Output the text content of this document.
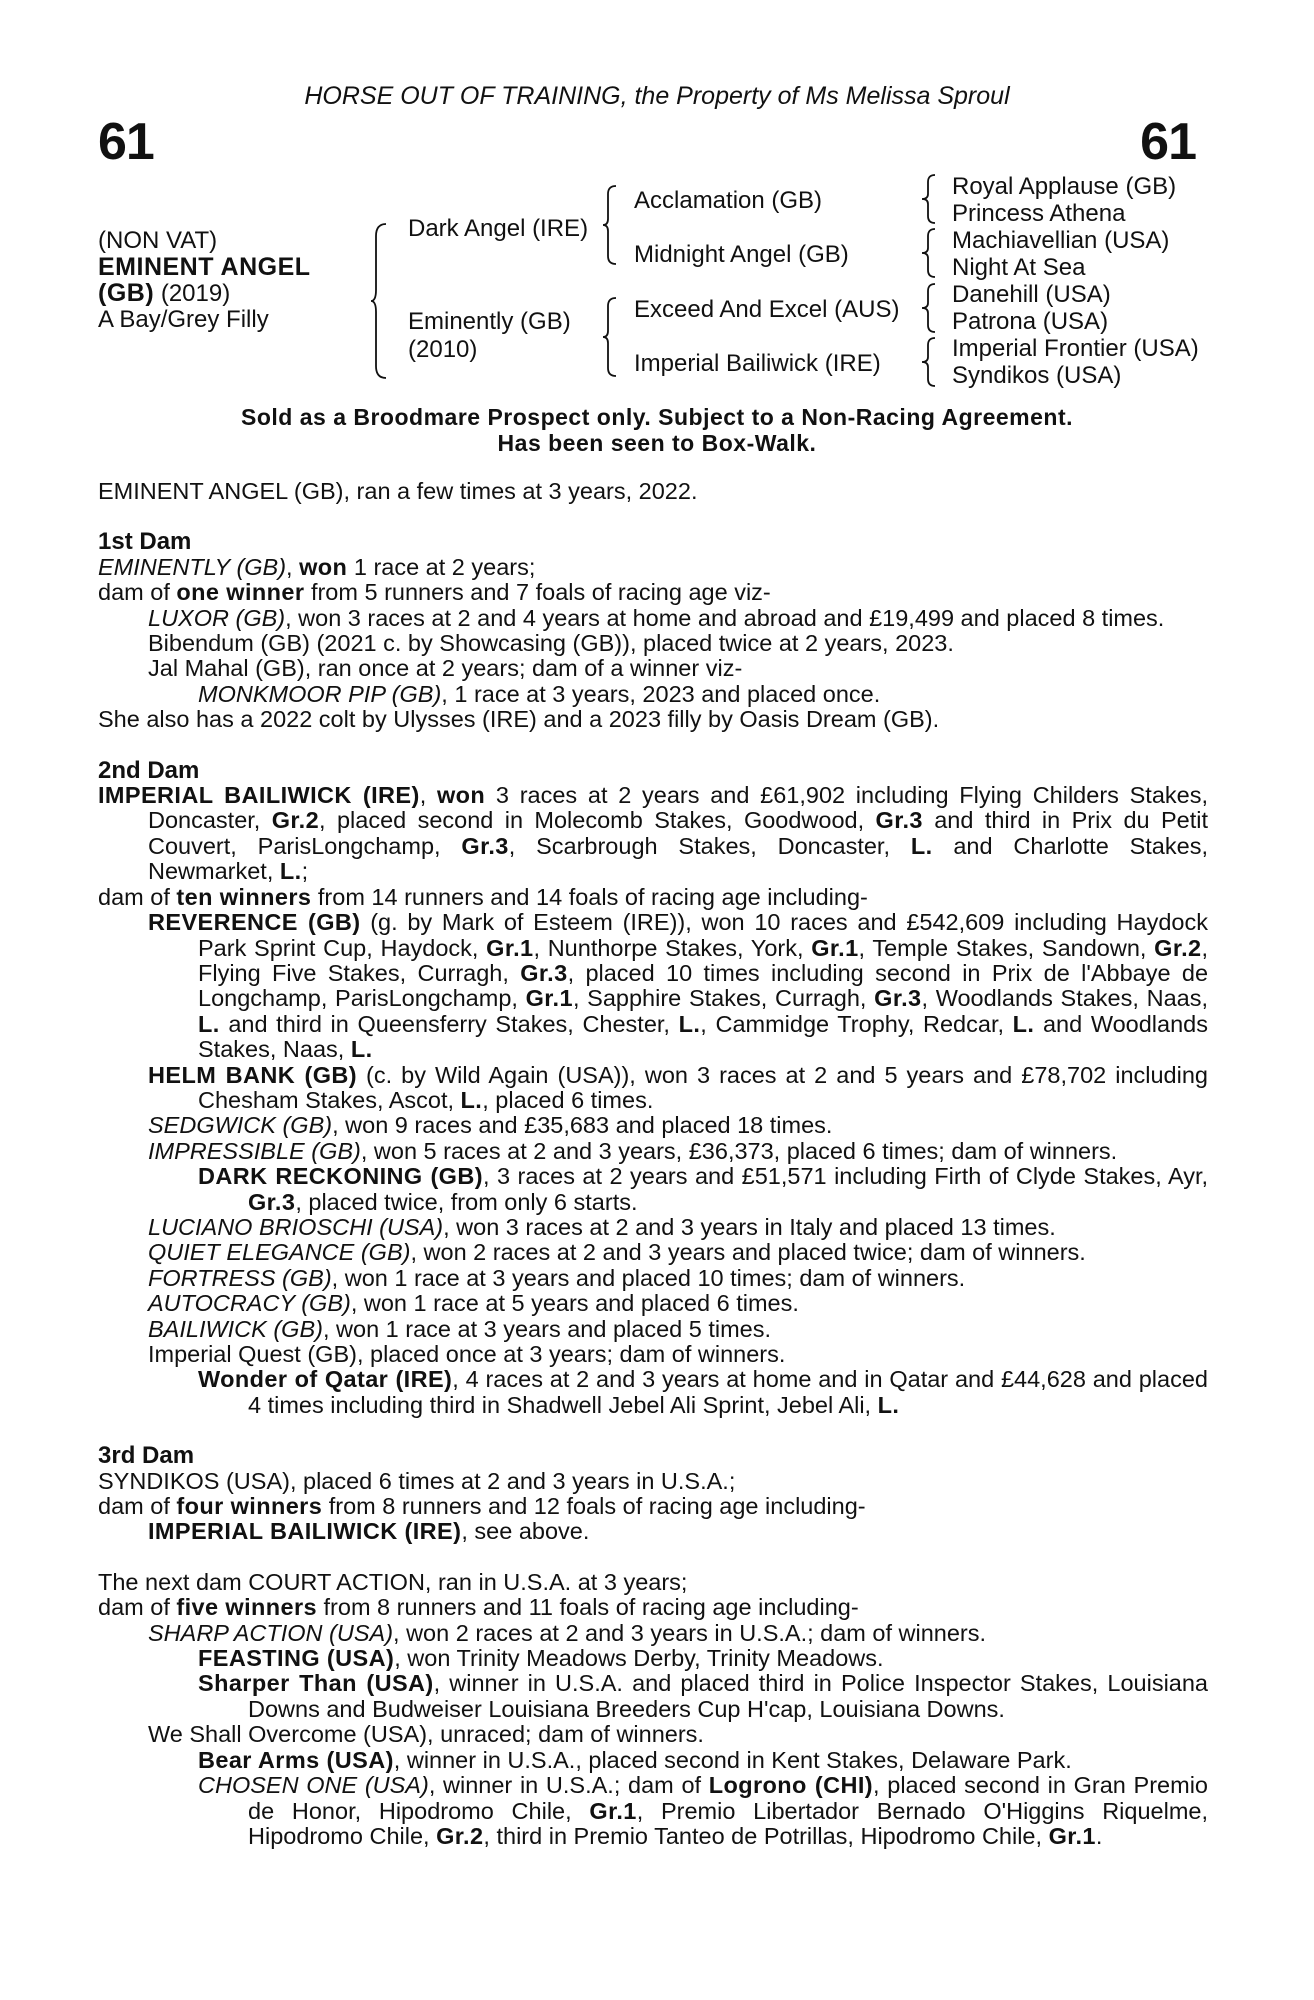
HORSE OUT OF TRAINING, the Property of Ms Melissa Sproul
61	61
(NON VAT)
EMINENT ANGEL
(GB) (2019)
A Bay/Grey Filly
Dark Angel (IRE)
Eminently (GB)
(2010)
Acclamation (GB)
Midnight Angel (GB)
Exceed And Excel (AUS)
Imperial Bailiwick (IRE)
Royal Applause (GB)
Princess Athena
Machiavellian (USA)
Night At Sea
Danehill (USA)
Patrona (USA)
Imperial Frontier (USA)
Syndikos (USA)
Sold as a Broodmare Prospect only. Subject to a Non-Racing Agreement.
Has been seen to Box-Walk.

EMINENT ANGEL (GB), ran a few times at 3 years, 2022.

1st Dam

EMINENTLY (GB), won 1 race at 2 years;

dam of one winner from 5 runners and 7 foals of racing age viz-

LUXOR (GB), won 3 races at 2 and 4 years at home and abroad and £19,499 and placed 8 times.

Bibendum (GB) (2021 c. by Showcasing (GB)), placed twice at 2 years, 2023.

Jal Mahal (GB), ran once at 2 years; dam of a winner viz-

MONKMOOR PIP (GB), 1 race at 3 years, 2023 and placed once.

She also has a 2022 colt by Ulysses (IRE) and a 2023 filly by Oasis Dream (GB).

2nd Dam

IMPERIAL BAILIWICK (IRE), won 3 races at 2 years and £61,902 including Flying Childers Stakes, Doncaster, Gr.2, placed second in Molecomb Stakes, Goodwood, Gr.3 and third in Prix du Petit Couvert, ParisLongchamp, Gr.3, Scarbrough Stakes, Doncaster, L. and Charlotte Stakes, Newmarket, L.;

dam of ten winners from 14 runners and 14 foals of racing age including-

REVERENCE (GB) (g. by Mark of Esteem (IRE)), won 10 races and £542,609 including Haydock Park Sprint Cup, Haydock, Gr.1, Nunthorpe Stakes, York, Gr.1, Temple Stakes, Sandown, Gr.2, Flying Five Stakes, Curragh, Gr.3, placed 10 times including second in Prix de l'Abbaye de Longchamp, ParisLongchamp, Gr.1, Sapphire Stakes, Curragh, Gr.3, Woodlands Stakes, Naas, L. and third in Queensferry Stakes, Chester, L., Cammidge Trophy, Redcar, L. and Woodlands Stakes, Naas, L.

HELM BANK (GB) (c. by Wild Again (USA)), won 3 races at 2 and 5 years and £78,702 including Chesham Stakes, Ascot, L., placed 6 times.

SEDGWICK (GB), won 9 races and £35,683 and placed 18 times.

IMPRESSIBLE (GB), won 5 races at 2 and 3 years, £36,373, placed 6 times; dam of winners.

DARK RECKONING (GB), 3 races at 2 years and £51,571 including Firth of Clyde Stakes, Ayr, Gr.3, placed twice, from only 6 starts.

LUCIANO BRIOSCHI (USA), won 3 races at 2 and 3 years in Italy and placed 13 times.

QUIET ELEGANCE (GB), won 2 races at 2 and 3 years and placed twice; dam of winners.

FORTRESS (GB), won 1 race at 3 years and placed 10 times; dam of winners.

AUTOCRACY (GB), won 1 race at 5 years and placed 6 times.

BAILIWICK (GB), won 1 race at 3 years and placed 5 times.

Imperial Quest (GB), placed once at 3 years; dam of winners.

Wonder of Qatar (IRE), 4 races at 2 and 3 years at home and in Qatar and £44,628 and placed 4 times including third in Shadwell Jebel Ali Sprint, Jebel Ali, L.

3rd Dam

SYNDIKOS (USA), placed 6 times at 2 and 3 years in U.S.A.;

dam of four winners from 8 runners and 12 foals of racing age including-

IMPERIAL BAILIWICK (IRE), see above.

The next dam COURT ACTION, ran in U.S.A. at 3 years;

dam of five winners from 8 runners and 11 foals of racing age including-

SHARP ACTION (USA), won 2 races at 2 and 3 years in U.S.A.; dam of winners.

FEASTING (USA), won Trinity Meadows Derby, Trinity Meadows.

Sharper Than (USA), winner in U.S.A. and placed third in Police Inspector Stakes, Louisiana Downs and Budweiser Louisiana Breeders Cup H'cap, Louisiana Downs.

We Shall Overcome (USA), unraced; dam of winners.

Bear Arms (USA), winner in U.S.A., placed second in Kent Stakes, Delaware Park.

CHOSEN ONE (USA), winner in U.S.A.; dam of Logrono (CHI), placed second in Gran Premio de Honor, Hipodromo Chile, Gr.1, Premio Libertador Bernado O'Higgins Riquelme, Hipodromo Chile, Gr.2, third in Premio Tanteo de Potrillas, Hipodromo Chile, Gr.1.
